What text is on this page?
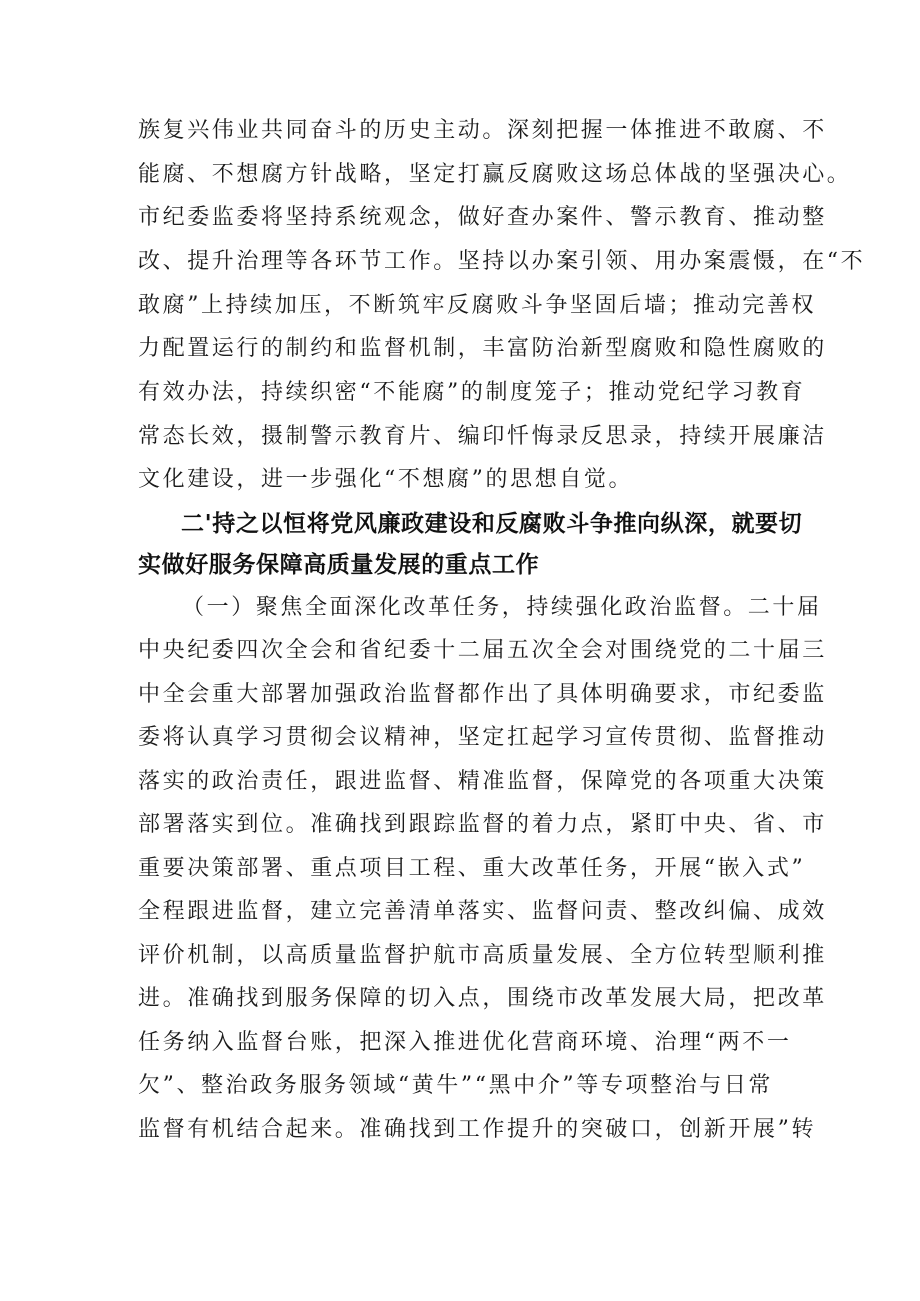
族复兴伟业共同奋斗的历史主动。深刻把握一体推进不敢腐、不
能腐、不想腐方针战略，坚定打赢反腐败这场总体战的坚强决心。
市纪委监委将坚持系统观念，做好查办案件、警示教育、推动整
改、提升治理等各环节工作。坚持以办案引领、用办案震慑，在“不
敢腐”上持续加压，不断筑牢反腐败斗争坚固后墙；推动完善权
力配置运行的制约和监督机制，丰富防治新型腐败和隐性腐败的
有效办法，持续织密“不能腐”的制度笼子；推动党纪学习教育
常态长效，摄制警示教育片、编印忏悔录反思录，持续开展廉洁
文化建设，进一步强化“不想腐”的思想自觉。
二'持之以恒将党风廉政建设和反腐败斗争推向纵深，就要切
实做好服务保障高质量发展的重点工作
（一）聚焦全面深化改革任务，持续强化政治监督。二十届
中央纪委四次全会和省纪委十二届五次全会对围绕党的二十届三
中全会重大部署加强政治监督都作出了具体明确要求，市纪委监
委将认真学习贯彻会议精神，坚定扛起学习宣传贯彻、监督推动
落实的政治责任，跟进监督、精准监督，保障党的各项重大决策
部署落实到位。准确找到跟踪监督的着力点，紧盯中央、省、市
重要决策部署、重点项目工程、重大改革任务，开展“嵌入式”
全程跟进监督，建立完善清单落实、监督问责、整改纠偏、成效
评价机制，以高质量监督护航市高质量发展、全方位转型顺利推
进。准确找到服务保障的切入点，围绕市改革发展大局，把改革
任务纳入监督台账，把深入推进优化营商环境、治理“两不一
欠”、整治政务服务领域“黄牛”“黑中介”等专项整治与日常
监督有机结合起来。准确找到工作提升的突破口，创新开展”转
